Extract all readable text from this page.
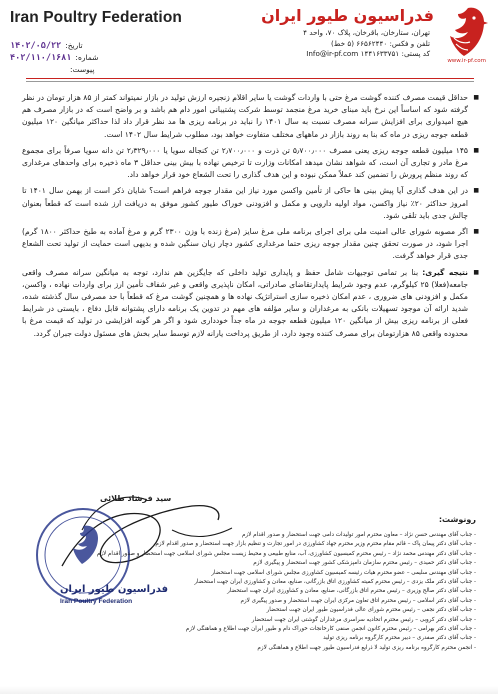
Iran Poultry Federation	فدراسیون طیور ایران
www.ir-pf.com
تهران، ستارخان، باقرخان، پلاک ۷۰، واحد ۴
تلفن و فکس: ۶۶۵۶۲۴۴۰ (۵ خط)
کد پستی: ۱۴۴۱۶۳۳۷۵۱ Info@ir-pf.com
۱۴۰۲/۰۵/۲۲ تاریخ:
۴۰۲/۱۱۰/۱۶۸۱ شماره:
پیوست:
■ حداقل قیمت مصرف کننده گوشت مرغ حتی با واردات گوشت یا سایر اقلام زنجیره ارزش تولید در بازار نمیتواند کمتر از ۸۵ هزار تومان در نظر گرفته شود که اساساً این نرخ باید مبنای خرید مرغ منجمد توسط شرکت پشتیبانی امور دام هم باشد و بر واضح است که در بازار مصرف هم هیچ امیدواری برای افزایش سرانه مصرف نسبت به سال ۱۴۰۱ را نباید در برنامه ریزی ها مد نظر قرار داد لذا حداکثر میانگین ۱۲۰ میلیون قطعه جوجه ریزی در ماه که بنا به روند بازار در ماههای مختلف متفاوت خواهد بود، مطلوب شرایط سال ۱۴۰۲ است.
■ ۱۴۵ میلیون قطعه جوجه ریزی یعنی مصرف ۵٫۷۰۰٫۰۰۰ تن ذرت و ۲٫۷۰۰٫۰۰۰ تن کنجاله سویا یا ۲٫۳۲۹٫۰۰۰ تن دانه سویا صرفاً برای مجموع مرغ مادر و تجاری آن است، که شواهد نشان میدهد امکانات وزارت تا ترخیص نهاده با بیش بینی حداقل ۳ ماه ذخیره برای واحدهای مرغداری که روند منظم پرورش را تضمین کند عملاً ممکن نبوده و این هدف گذاری را تحت الشعاع خود قرار خواهد داد.
■ در این هدف گذاری آیا پیش بینی ها حاکی از تأمین واکسن مورد نیاز این مقدار جوجه فراهم است؟ شایان ذکر است از بهمن سال ۱۴۰۱ تا امروز حداکثر ۲۰٪ نیاز واکسن، مواد اولیه دارویی و مکمل و افزودنی خوراک طیور کشور موفق به دریافت ارز شده است که قطعاً بعنوان چالش جدی باید تلقی شود.
■ اگر مصوبه شورای عالی امنیت ملی برای اجرای برنامه ملی مرغ سایز (مرغ زنده با وزن ۲۳۰۰ گرم و مرغ آماده به طبخ حداکثر ۱۸۰۰ گرم) اجرا شود، در صورت تحقق چنین مقدار جوجه ریزی حتما مرغداری کشور دچار زیان سنگین شده و بدیهی است حمایت از تولید تحت الشعاع جدی قرار خواهد گرفت.
■ نتیجه گیری: بنا بر تمامی توجیهات شامل حفظ و پایداری تولید داخلی که جایگزین هم ندارد، توجه به میانگین سرانه مصرف واقعی جامعه(فعلا) ۲۵ کیلوگرم، عدم وجود شرایط پایدارتقاضای صادراتی، امکان ناپذیری واقعی و غیر شفاف تأمین ارز برای واردات نهاده ، واکسن، مکمل و افزودنی های ضروری ، عدم امکان ذخیره سازی استراتژیک نهاده ها و همچنین گوشت مرغ که قطعاً با حد مصرفی سال گذشته شده، شدید ارائه آن موجود تسهیلات بانکی به مرغداران و سایر مؤلفه های مهم در تدوین یک برنامه دارای پشتوانه قابل دفاع ، بایستی در شرایط فعلی از برنامه ریزی بیش از میانگین ۱۲۰ میلیون قطعه جوجه در ماه جداً خودداری شود و اگر هر گونه افزایشی در تولید که قیمت مرغ با محدوده واقعی ۸۵ هزارتومان برای مصرف کننده وجود دارد، از طریق پرداخت یارانه لازم توسط سایر بخش های مسئول دولت جبران گردد.
سید فرشاد طلائی
فدراسیون طیور ایران
Iran Poultry Federation
رونوشت:
- جناب آقای مهندس حسن نژاد – معاون محترم امور تولیدات دامی جهت استحضار و صدور اقدام لازم
- جناب آقای دکتر پیمان پاک – قائم مقام محترم وزیر محترم جهاد کشاورزی در امور تجارت و تنظیم بازار جهت استحضار و صدور اقدام لازم
- جناب آقای دکتر مهندس محمد نژاد – رئیس محترم کمیسیون کشاورزی، آب، منابع طبیعی و محیط زیست مجلس شورای اسلامی جهت استحضار و صدور اقدام لازم
- جناب آقای دکتر حمیدی – رئیس محترم سازمان دامپزشکی کشور جهت استحضار و پیگیری لازم
- جناب آقای مهندس سلیمی – عضو محترم هیات رئیسه کمیسیون کشاورزی مجلس شورای اسلامی جهت استحضار
- جناب آقای دکتر ملک یزدی – رئیس محترم کمیته کشاورزی اتاق بازرگانی، صنایع، معادن و کشاورزی ایران جهت استحضار
- جناب آقای دکتر صالح وزیری – رئیس محترم اتاق بازرگانی، صنایع، معادن و کشاورزی ایران جهت استحضار
- جناب آقای دکتر اسلامی – رئیس محترم اتاق تعاون مرکزی ایران جهت استحضار و صدور پیگیری لازم
- جناب آقای دکتر نجفی – رئیس محترم شورای عالی فدراسیون طیور ایران جهت استحضار
- جناب آقای دکتر کروبی – رئیس محترم اتحادیه سراسری مرغداران گوشتی ایران جهت استحضار
- جناب آقای دکتر بهرامی – رئیس محترم کانون انجمن صنفی کارخانجات خوراک دام و طیور ایران جهت اطلاع و هماهنگی لازم
- جناب آقای دکتر صفدری – دبیر محترم کارگروه برنامه ریزی تولید
- انجمن محترم کارگروه برنامه ریزی تولید لا ذرایع فدراسیون طیور جهت اطلاع و هماهنگی لازم
